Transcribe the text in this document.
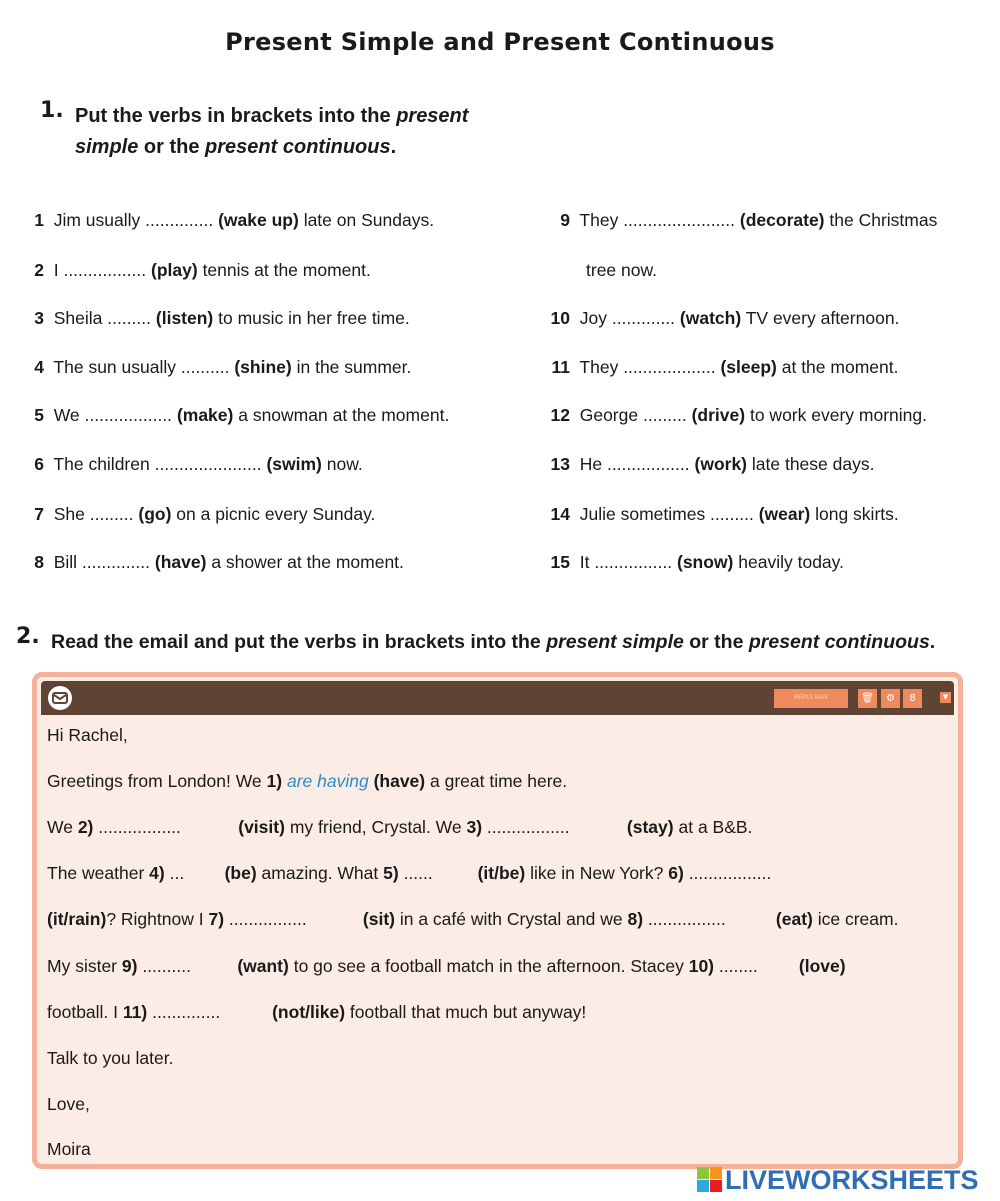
Present Simple and Present Continuous
1. Put the verbs in brackets into the present
simple or the present continuous.
1 Jim usually .............. (wake up) late on Sundays.
2 I ................. (play) tennis at the moment.
3 Sheila ......... (listen) to music in her free time.
4 The sun usually .......... (shine) in the summer.
5 We .................. (make) a snowman at the moment.
6 The children ...................... (swim) now.
7 She ......... (go) on a picnic every Sunday.
8 Bill .............. (have) a shower at the moment.
9 They ....................... (decorate) the Christmas
tree now.
10 Joy ............. (watch) TV every afternoon.
11 They ................... (sleep) at the moment.
12 George ......... (drive) to work every morning.
13 He ................. (work) late these days.
14 Julie sometimes ......... (wear) long skirts.
15 It ................ (snow) heavily today.
2. Read the email and put the verbs in brackets into the present simple or the present continuous.
REPLY MAX	🗑	⚙	8	▼
Hi Rachel,
Greetings from London! We 1) are having (have) a great time here.
We 2) .................	(visit) my friend, Crystal. We 3) .................	(stay) at a B&B.
The weather 4) ... (be) amazing. What 5) ......	(it/be) like in New York? 6) .................
(it/rain)? Rightnow I 7) ................	(sit) in a café with Crystal and we 8) ................	(eat) ice cream.
My sister 9) ..........	(want) to go see a football match in the afternoon. Stacey 10) ........ (love)
football. I 11) ..............	(not/like) football that much but anyway!
Talk to you later.
Love,
Moira
LIVEWORKSHEETS
